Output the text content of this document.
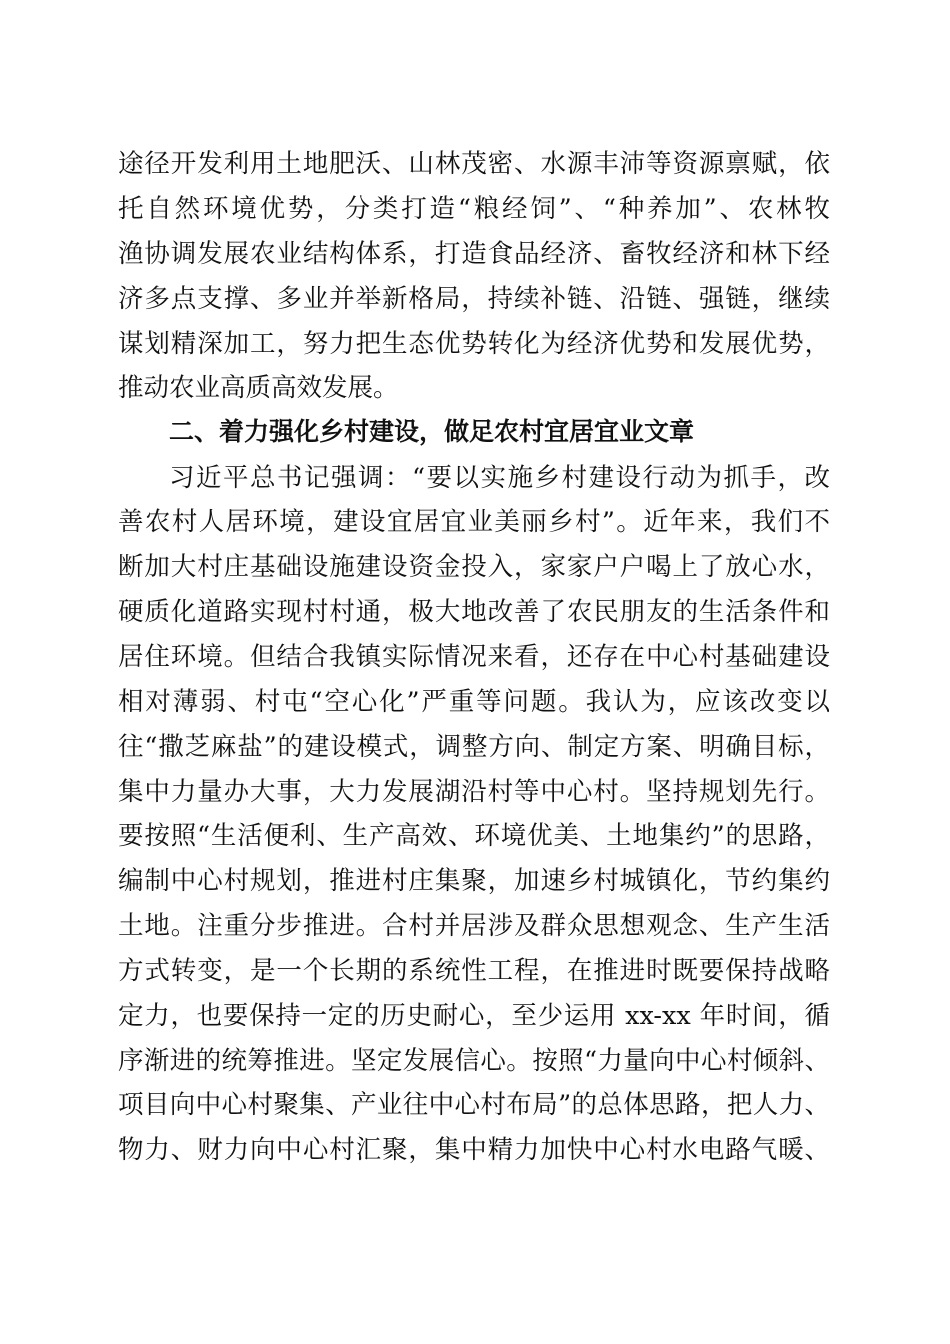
途径开发利用土地肥沃、山林茂密、水源丰沛等资源禀赋，依
托自然环境优势，分类打造“粮经饲”、“种养加”、农林牧
渔协调发展农业结构体系，打造食品经济、畜牧经济和林下经
济多点支撑、多业并举新格局，持续补链、沿链、强链，继续
谋划精深加工，努力把生态优势转化为经济优势和发展优势，
推动农业高质高效发展。
二、着力强化乡村建设，做足农村宜居宜业文章
习近平总书记强调：“要以实施乡村建设行动为抓手，改
善农村人居环境，建设宜居宜业美丽乡村”。近年来，我们不
断加大村庄基础设施建设资金投入，家家户户喝上了放心水，
硬质化道路实现村村通，极大地改善了农民朋友的生活条件和
居住环境。但结合我镇实际情况来看，还存在中心村基础建设
相对薄弱、村屯“空心化”严重等问题。我认为，应该改变以
往“撒芝麻盐”的建设模式，调整方向、制定方案、明确目标，
集中力量办大事，大力发展湖沿村等中心村。坚持规划先行。
要按照“生活便利、生产高效、环境优美、土地集约”的思路，
编制中心村规划，推进村庄集聚，加速乡村城镇化，节约集约
土地。注重分步推进。合村并居涉及群众思想观念、生产生活
方式转变，是一个长期的系统性工程，在推进时既要保持战略
定力，也要保持一定的历史耐心，至少运用 xx-xx 年时间，循
序渐进的统筹推进。坚定发展信心。按照“力量向中心村倾斜、
项目向中心村聚集、产业往中心村布局”的总体思路，把人力、
物力、财力向中心村汇聚，集中精力加快中心村水电路气暖、
